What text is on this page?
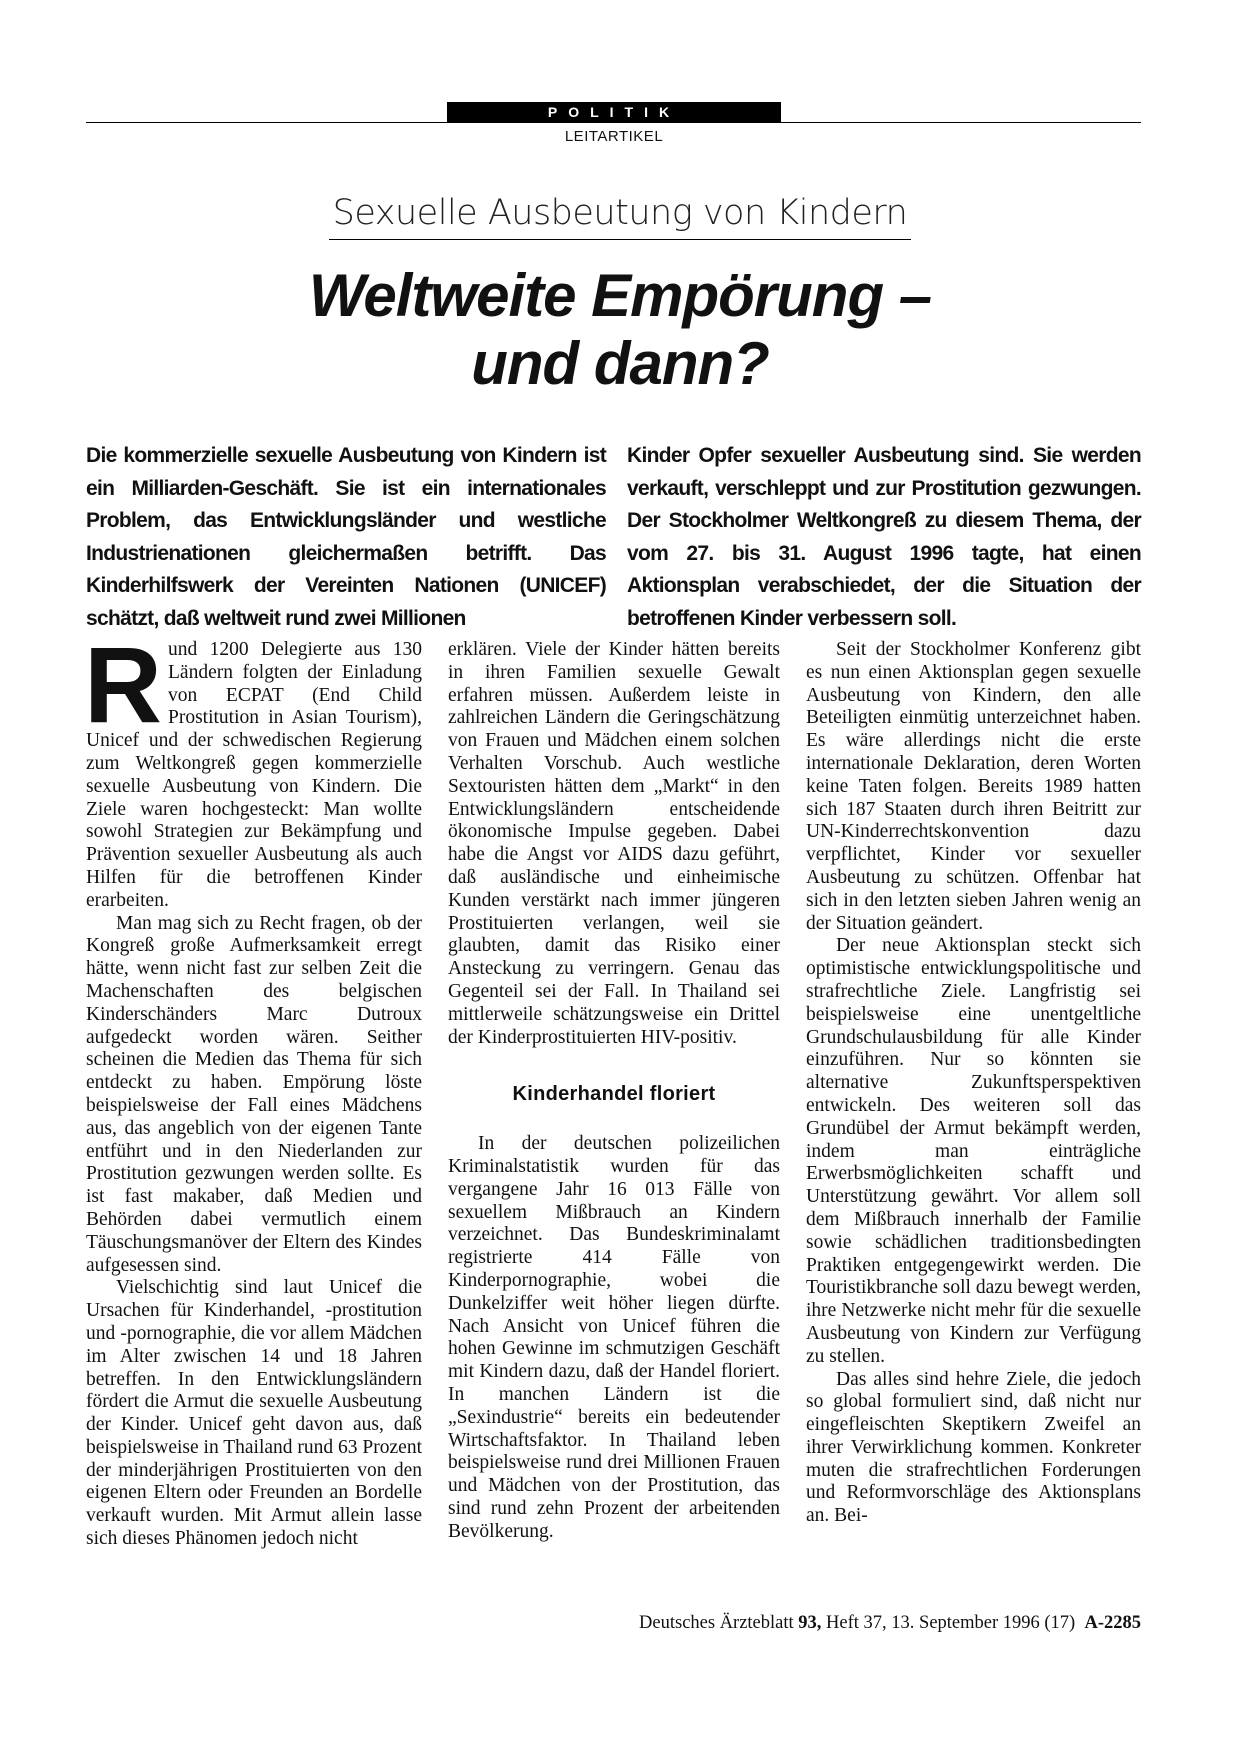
POLITIK
LEITARTIKEL
Sexuelle Ausbeutung von Kindern
Weltweite Empörung –
und dann?
Die kommerzielle sexuelle Ausbeutung von Kindern ist ein Milliarden-Geschäft. Sie ist ein internationales Problem, das Entwicklungsländer und westliche Industrienationen gleichermaßen betrifft. Das Kinderhilfswerk der Vereinten Nationen (UNICEF) schätzt, daß weltweit rund zwei Millionen
Kinder Opfer sexueller Ausbeutung sind. Sie werden verkauft, verschleppt und zur Prostitution gezwungen. Der Stockholmer Weltkongreß zu diesem Thema, der vom 27. bis 31. August 1996 tagte, hat einen Aktionsplan verabschiedet, der die Situation der betroffenen Kinder verbessern soll.

Rund 1200 Delegierte aus 130 Ländern folgten der Einladung von ECPAT (End Child Prostitution in Asian Tourism), Unicef und der schwedischen Regierung zum Weltkongreß gegen kommerzielle sexuelle Ausbeutung von Kindern. Die Ziele waren hochgesteckt: Man wollte sowohl Strategien zur Bekämpfung und Prävention sexueller Ausbeutung als auch Hilfen für die betroffenen Kinder erarbeiten.

Man mag sich zu Recht fragen, ob der Kongreß große Aufmerksamkeit erregt hätte, wenn nicht fast zur selben Zeit die Machenschaften des belgischen Kinderschänders Marc Dutroux aufgedeckt worden wären. Seither scheinen die Medien das Thema für sich entdeckt zu haben. Empörung löste beispielsweise der Fall eines Mädchens aus, das angeblich von der eigenen Tante entführt und in den Niederlanden zur Prostitution gezwungen werden sollte. Es ist fast makaber, daß Medien und Behörden dabei vermutlich einem Täuschungsmanöver der Eltern des Kindes aufgesessen sind.

Vielschichtig sind laut Unicef die Ursachen für Kinderhandel, -prostitution und -pornographie, die vor allem Mädchen im Alter zwischen 14 und 18 Jahren betreffen. In den Entwicklungsländern fördert die Armut die sexuelle Ausbeutung der Kinder. Unicef geht davon aus, daß beispielsweise in Thailand rund 63 Prozent der minderjährigen Prostituierten von den eigenen Eltern oder Freunden an Bordelle verkauft wurden. Mit Armut allein lasse sich dieses Phänomen jedoch nicht

erklären. Viele der Kinder hätten bereits in ihren Familien sexuelle Gewalt erfahren müssen. Außerdem leiste in zahlreichen Ländern die Geringschätzung von Frauen und Mädchen einem solchen Verhalten Vorschub. Auch westliche Sextouristen hätten dem „Markt“ in den Entwicklungsländern entscheidende ökonomische Impulse gegeben. Dabei habe die Angst vor AIDS dazu geführt, daß ausländische und einheimische Kunden verstärkt nach immer jüngeren Prostituierten verlangen, weil sie glaubten, damit das Risiko einer Ansteckung zu verringern. Genau das Gegenteil sei der Fall. In Thailand sei mittlerweile schätzungsweise ein Drittel der Kinderprostituierten HIV-positiv.

Kinderhandel floriert

In der deutschen polizeilichen Kriminalstatistik wurden für das vergangene Jahr 16 013 Fälle von sexuellem Mißbrauch an Kindern verzeichnet. Das Bundeskriminalamt registrierte 414 Fälle von Kinderpornographie, wobei die Dunkelziffer weit höher liegen dürfte. Nach Ansicht von Unicef führen die hohen Gewinne im schmutzigen Geschäft mit Kindern dazu, daß der Handel floriert. In manchen Ländern ist die „Sexindustrie“ bereits ein bedeutender Wirtschaftsfaktor. In Thailand leben beispielsweise rund drei Millionen Frauen und Mädchen von der Prostitution, das sind rund zehn Prozent der arbeitenden Bevölkerung.

Seit der Stockholmer Konferenz gibt es nun einen Aktionsplan gegen sexuelle Ausbeutung von Kindern, den alle Beteiligten einmütig unterzeichnet haben. Es wäre allerdings nicht die erste internationale Deklaration, deren Worten keine Taten folgen. Bereits 1989 hatten sich 187 Staaten durch ihren Beitritt zur UN-Kinderrechtskonvention dazu verpflichtet, Kinder vor sexueller Ausbeutung zu schützen. Offenbar hat sich in den letzten sieben Jahren wenig an der Situation geändert.

Der neue Aktionsplan steckt sich optimistische entwicklungspolitische und strafrechtliche Ziele. Langfristig sei beispielsweise eine unentgeltliche Grundschulausbildung für alle Kinder einzuführen. Nur so könnten sie alternative Zukunftsperspektiven entwickeln. Des weiteren soll das Grundübel der Armut bekämpft werden, indem man einträgliche Erwerbsmöglichkeiten schafft und Unterstützung gewährt. Vor allem soll dem Mißbrauch innerhalb der Familie sowie schädlichen traditionsbedingten Praktiken entgegengewirkt werden. Die Touristikbranche soll dazu bewegt werden, ihre Netzwerke nicht mehr für die sexuelle Ausbeutung von Kindern zur Verfügung zu stellen.

Das alles sind hehre Ziele, die jedoch so global formuliert sind, daß nicht nur eingefleischten Skeptikern Zweifel an ihrer Verwirklichung kommen. Konkreter muten die strafrechtlichen Forderungen und Reformvorschläge des Aktionsplans an. Bei-

Deutsches Ärzteblatt 93, Heft 37, 13. September 1996 (17) A-2285
